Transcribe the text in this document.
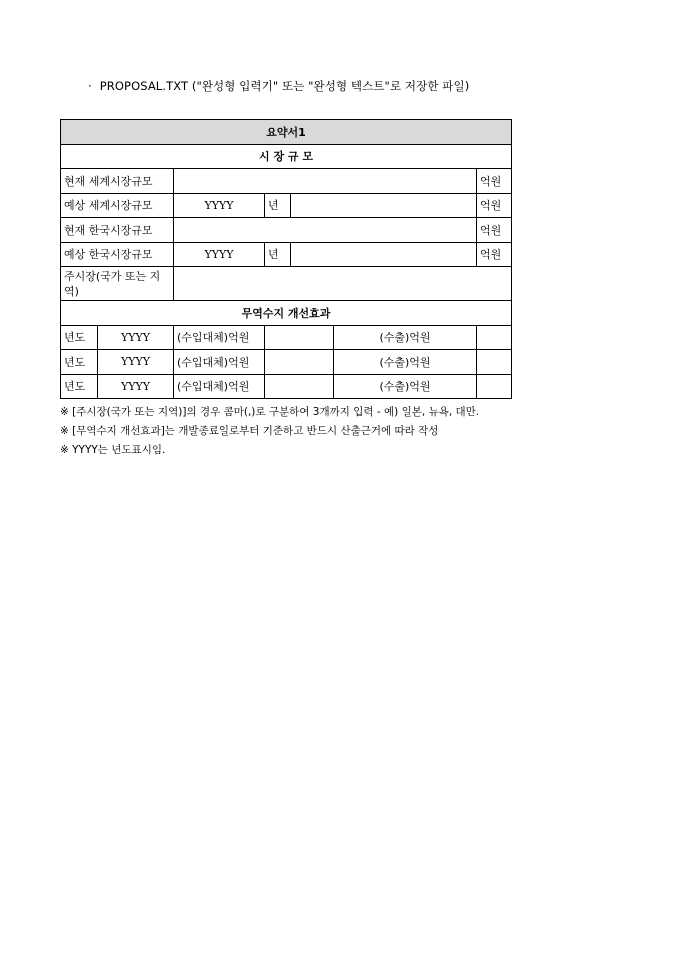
· PROPOSAL.TXT ("완성형 입력기" 또는 "완성형 텍스트"로 저장한 파일)
요약서1						
시 장 규 모						
현재 세계시장규모						억원
예상 세계시장규모		YYYY	년			억원
현재 한국시장규모						억원
예상 한국시장규모		YYYY	년			억원
주시장(국가 또는 지역)						
무역수지 개선효과						
년도	YYYY	(수입대체)억원			(수출)억원	
년도	YYYY	(수입대체)억원			(수출)억원	
년도	YYYY	(수입대체)억원			(수출)억원	
※ [주시장(국가 또는 지역)]의 경우 콤마(,)로 구분하여 3개까지 입력 - 예) 일본, 뉴욕, 대만.
※ [무역수지 개선효과]는 개발종료일로부터 기준하고 반드시 산출근거에 따라 작성
※ YYYY는 년도표시임.
